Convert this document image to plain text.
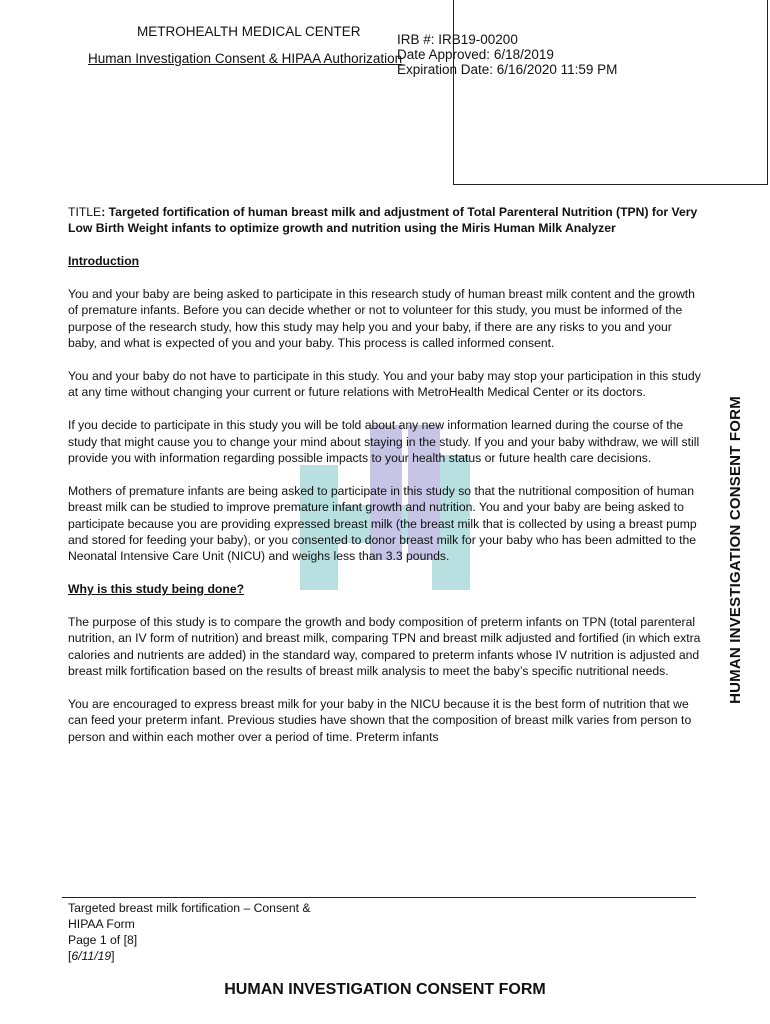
METROHEALTH MEDICAL CENTER
Human Investigation Consent & HIPAA Authorization
IRB #: IRB19-00200
Date Approved: 6/18/2019
Expiration Date: 6/16/2020 11:59 PM
HUMAN INVESTIGATION CONSENT FORM
TITLE: Targeted fortification of human breast milk and adjustment of Total Parenteral Nutrition (TPN) for Very Low Birth Weight infants to optimize growth and nutrition using the Miris Human Milk Analyzer
Introduction

You and your baby are being asked to participate in this research study of human breast milk content and the growth of premature infants. Before you can decide whether or not to volunteer for this study, you must be informed of the purpose of the research study, how this study may help you and your baby, if there are any risks to you and your baby, and what is expected of you and your baby. This process is called informed consent.

You and your baby do not have to participate in this study. You and your baby may stop your participation in this study at any time without changing your current or future relations with MetroHealth Medical Center or its doctors.

If you decide to participate in this study you will be told about any new information learned during the course of the study that might cause you to change your mind about staying in the study. If you and your baby withdraw, we will still provide you with information regarding possible impacts to your health status or future health care decisions.

Mothers of premature infants are being asked to participate in this study so that the nutritional composition of human breast milk can be studied to improve premature infant growth and nutrition. You and your baby are being asked to participate because you are providing expressed breast milk (the breast milk that is collected by using a breast pump and stored for feeding your baby), or you consented to donor breast milk for your baby who has been admitted to the Neonatal Intensive Care Unit (NICU) and weighs less than 3.3 pounds.

Why is this study being done?

The purpose of this study is to compare the growth and body composition of preterm infants on TPN (total parenteral nutrition, an IV form of nutrition) and breast milk, comparing TPN and breast milk adjusted and fortified (in which extra calories and nutrients are added) in the standard way, compared to preterm infants whose IV nutrition is adjusted and breast milk fortification based on the results of breast milk analysis to meet the baby’s specific nutritional needs.

You are encouraged to express breast milk for your baby in the NICU because it is the best form of nutrition that we can feed your preterm infant. Previous studies have shown that the composition of breast milk varies from person to person and within each mother over a period of time. Preterm infants

Targeted breast milk fortification – Consent &
HIPAA Form
Page 1 of [8]
[6/11/19]
HUMAN INVESTIGATION CONSENT FORM
